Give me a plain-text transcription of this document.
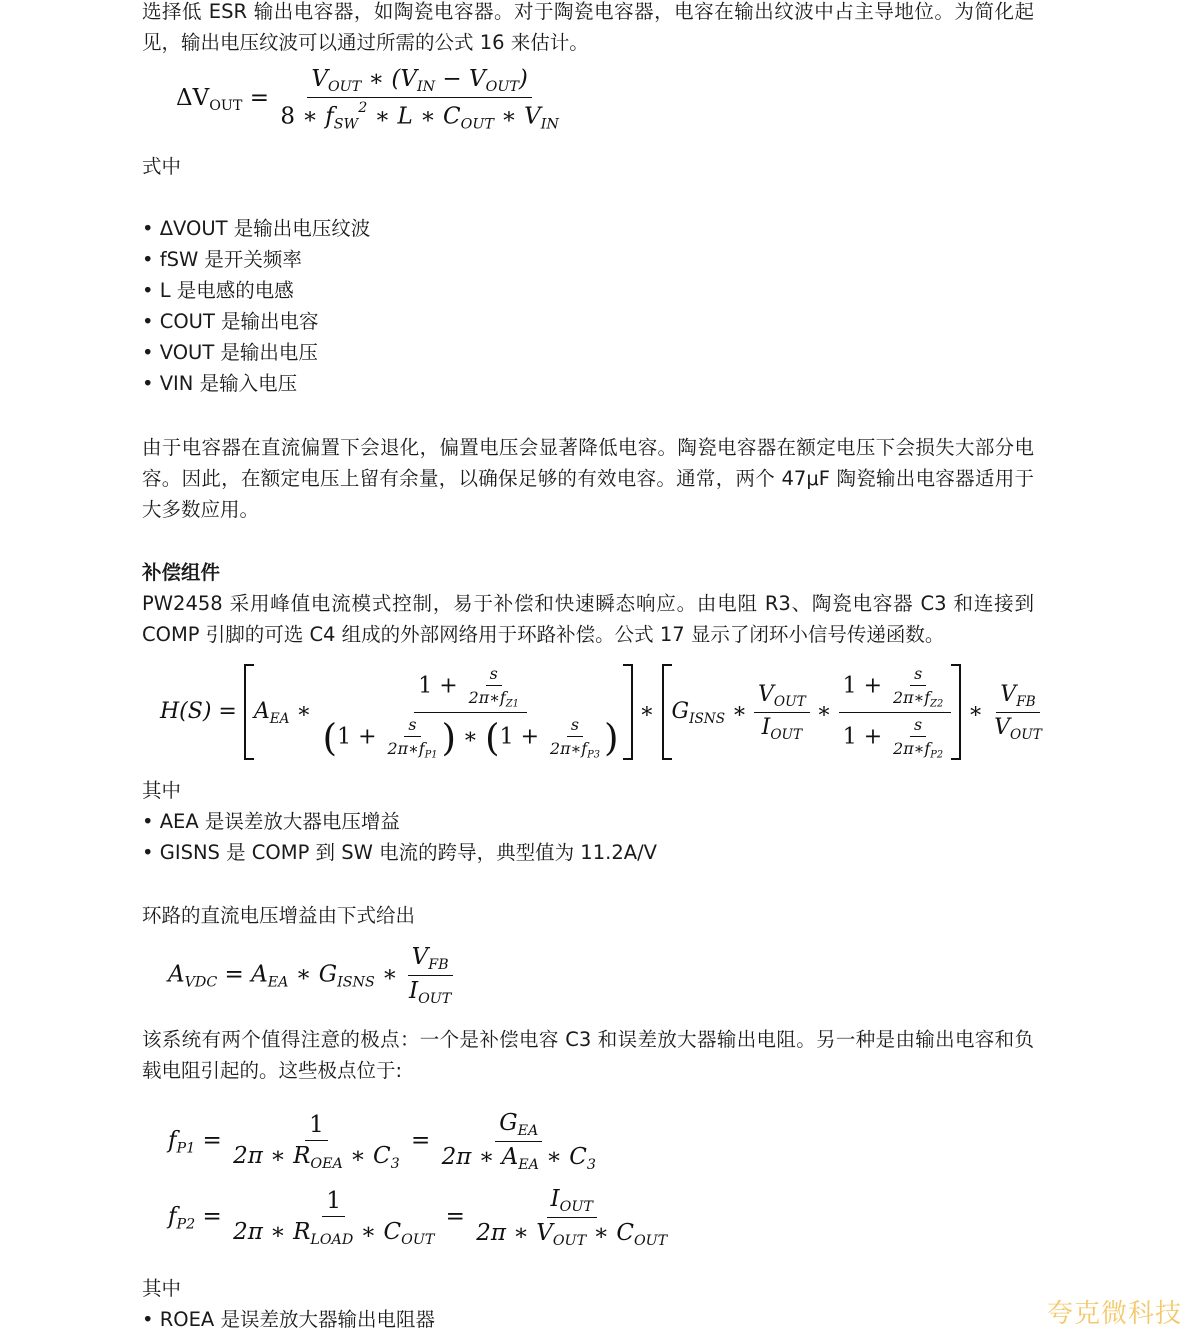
选择低 ESR 输出电容器，如陶瓷电容器。对于陶瓷电容器，电容在输出纹波中占主导地位。为简化起见，输出电压纹波可以通过所需的公式 16 来估计。
$\Delta V_{OUT} = \frac{V_{OUT} ∗ (V_{IN} - V_{OUT})}{8 ∗ f_{SW}^2 ∗ L ∗ C_{OUT} ∗ V_{IN}}$
式中
• ΔVOUT 是输出电压纹波
• fSW 是开关频率
• L 是电感的电感
• COUT 是输出电容
• VOUT 是输出电压
• VIN 是输入电压
由于电容器在直流偏置下会退化，偏置电压会显著降低电容。陶瓷电容器在额定电压下会损失大部分电容。因此，在额定电压上留有余量，以确保足够的有效电容。通常，两个 47μF 陶瓷输出电容器适用于大多数应用。
补偿组件
PW2458 采用峰值电流模式控制，易于补偿和快速瞬态响应。由电阻 R3、陶瓷电容器 C3 和连接到 COMP 引脚的可选 C4 组成的外部网络用于环路补偿。公式 17 显示了闭环小信号传递函数。
$H(S) = A_{EA}$ ∗ $\frac{1 + \frac{s}{2\pi∗f_{Z1}}}{(1 + \frac{s}{2\pi∗f_{P1}} ) ∗ (1 + \frac{s}{2\pi∗f_{P3}} )}$ ∗ $G_{ISNS}$ ∗ $\frac{V_{OUT}}{I_{OUT}}$ ∗ $\frac{1 + \frac{s}{2\pi∗f_{Z2}}}{1 + \frac{s}{2\pi∗f_{P2}}}$ ∗ $\frac{V_{FB}}{V_{OUT}}$
其中
• AEA 是误差放大器电压增益
• GISNS 是 COMP 到 SW 电流的跨导，典型值为 11.2A/V
环路的直流电压增益由下式给出
$A_{VDC} = A_{EA}$ ∗ $G_{ISNS}$ ∗ $\frac{V_{FB}}{I_{OUT}}$
该系统有两个值得注意的极点：一个是补偿电容 C3 和误差放大器输出电阻。另一种是由输出电容和负载电阻引起的。这些极点位于:
$f_{P1} = \frac{1}{2\pi ∗ R_{OEA} ∗ C_3} = \frac{G_{EA}}{2\pi ∗ A_{EA} ∗ C_3}$
$f_{P2} = \frac{1}{2\pi ∗ R_{LOAD} ∗ C_{OUT}} = \frac{I_{OUT}}{2\pi ∗ V_{OUT} ∗ C_{OUT}}$
其中
• ROEA 是误差放大器输出电阻器	夸克微科技
